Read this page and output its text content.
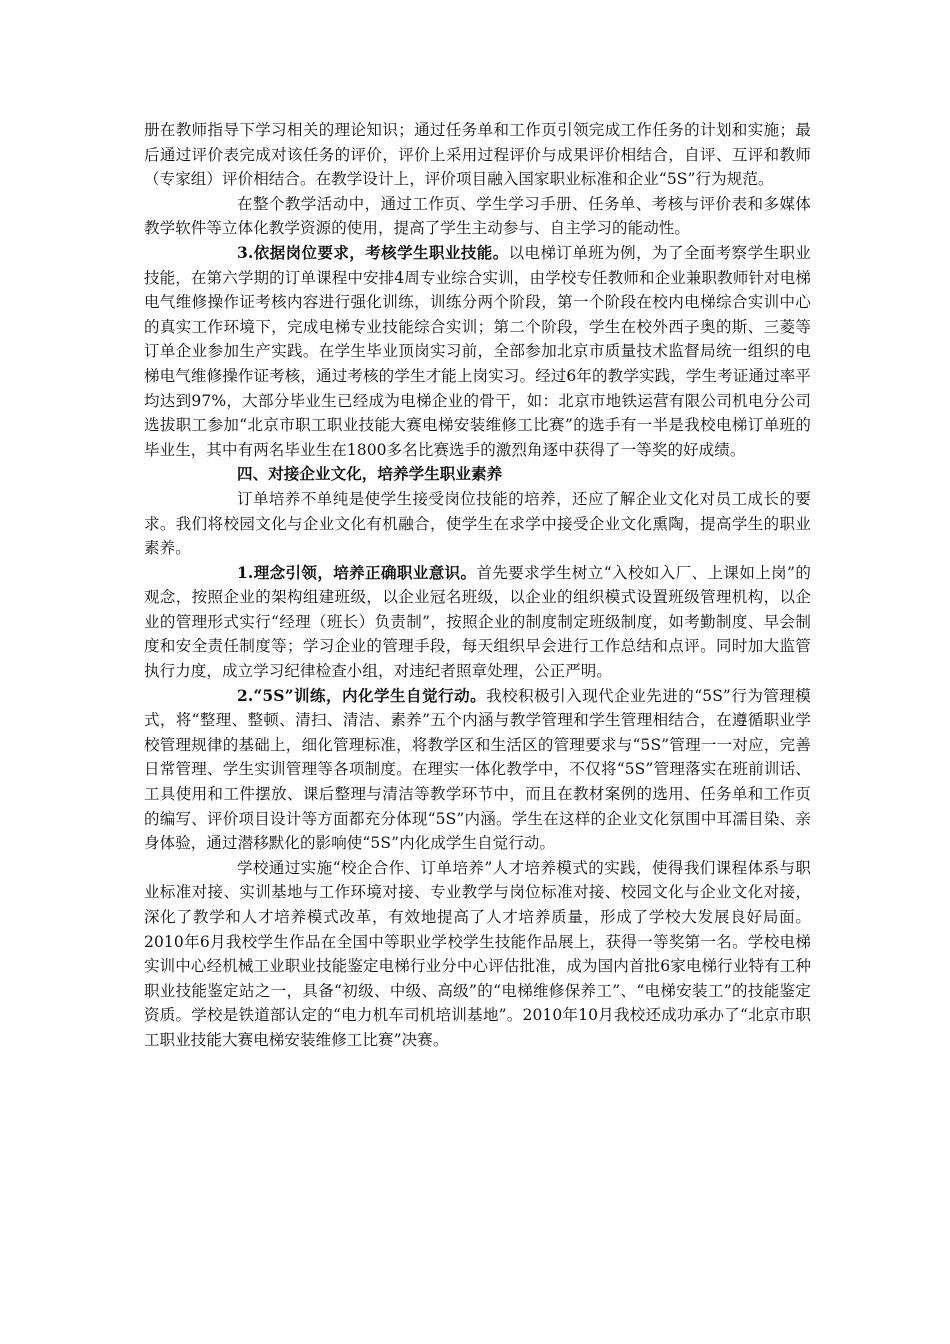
册在教师指导下学习相关的理论知识；通过任务单和工作页引领完成工作任务的计划和实施；最后通过评价表完成对该任务的评价，评价上采用过程评价与成果评价相结合，自评、互评和教师（专家组）评价相结合。在教学设计上，评价项目融入国家职业标准和企业“5S”行为规范。

在整个教学活动中，通过工作页、学生学习手册、任务单、考核与评价表和多媒体教学软件等立体化教学资源的使用，提高了学生主动参与、自主学习的能动性。

3.依据岗位要求，考核学生职业技能。以电梯订单班为例，为了全面考察学生职业技能，在第六学期的订单课程中安排4周专业综合实训，由学校专任教师和企业兼职教师针对电梯电气维修操作证考核内容进行强化训练，训练分两个阶段，第一个阶段在校内电梯综合实训中心的真实工作环境下，完成电梯专业技能综合实训；第二个阶段，学生在校外西子奥的斯、三菱等订单企业参加生产实践。在学生毕业顶岗实习前，全部参加北京市质量技术监督局统一组织的电梯电气维修操作证考核，通过考核的学生才能上岗实习。经过6年的教学实践，学生考证通过率平均达到97%，大部分毕业生已经成为电梯企业的骨干，如：北京市地铁运营有限公司机电分公司选拔职工参加“北京市职工职业技能大赛电梯安装维修工比赛”的选手有一半是我校电梯订单班的毕业生，其中有两名毕业生在1800多名比赛选手的激烈角逐中获得了一等奖的好成绩。

四、对接企业文化，培养学生职业素养

订单培养不单纯是使学生接受岗位技能的培养，还应了解企业文化对员工成长的要求。我们将校园文化与企业文化有机融合，使学生在求学中接受企业文化熏陶，提高学生的职业素养。

1.理念引领，培养正确职业意识。首先要求学生树立“入校如入厂、上课如上岗”的观念，按照企业的架构组建班级，以企业冠名班级，以企业的组织模式设置班级管理机构，以企业的管理形式实行“经理（班长）负责制”，按照企业的制度制定班级制度，如考勤制度、早会制度和安全责任制度等；学习企业的管理手段，每天组织早会进行工作总结和点评。同时加大监管执行力度，成立学习纪律检查小组，对违纪者照章处理，公正严明。

2.“5S”训练，内化学生自觉行动。我校积极引入现代企业先进的“5S”行为管理模式，将“整理、整顿、清扫、清洁、素养”五个内涵与教学管理和学生管理相结合，在遵循职业学校管理规律的基础上，细化管理标准，将教学区和生活区的管理要求与“5S”管理一一对应，完善日常管理、学生实训管理等各项制度。在理实一体化教学中，不仅将“5S”管理落实在班前训话、工具使用和工件摆放、课后整理与清洁等教学环节中，而且在教材案例的选用、任务单和工作页的编写、评价项目设计等方面都充分体现“5S”内涵。学生在这样的企业文化氛围中耳濡目染、亲身体验，通过潜移默化的影响使“5S”内化成学生自觉行动。

学校通过实施“校企合作、订单培养”人才培养模式的实践，使得我们课程体系与职业标准对接、实训基地与工作环境对接、专业教学与岗位标准对接、校园文化与企业文化对接，深化了教学和人才培养模式改革，有效地提高了人才培养质量，形成了学校大发展良好局面。2010年6月我校学生作品在全国中等职业学校学生技能作品展上，获得一等奖第一名。学校电梯实训中心经机械工业职业技能鉴定电梯行业分中心评估批准，成为国内首批6家电梯行业特有工种职业技能鉴定站之一，具备“初级、中级、高级”的“电梯维修保养工”、“电梯安装工”的技能鉴定资质。学校是铁道部认定的“电力机车司机培训基地”。2010年10月我校还成功承办了“北京市职工职业技能大赛电梯安装维修工比赛”决赛。
